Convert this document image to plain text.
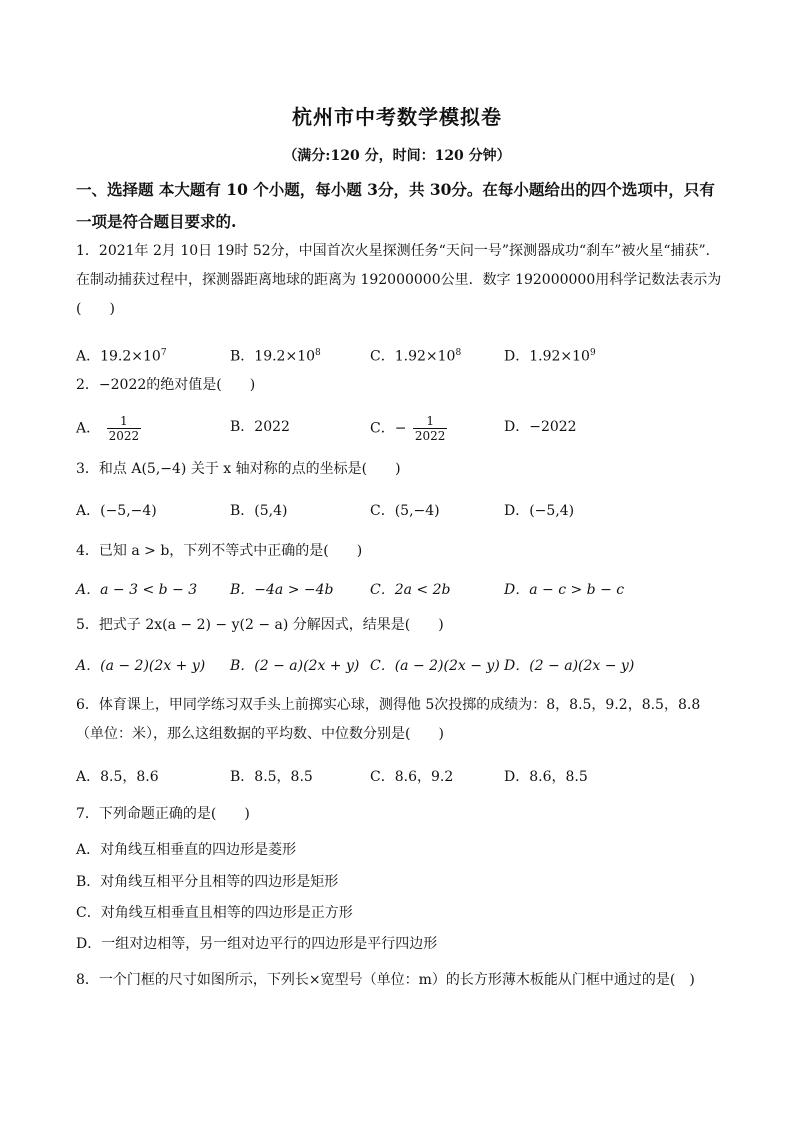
杭州市中考数学模拟卷
（满分:120 分，时间：120 分钟）
一、选择题 本大题有 10 个小题，每小题 3分，共 30分。在每小题给出的四个选项中，只有一项是符合题目要求的.
1．2021年 2月 10日 19时 52分，中国首次火星探测任务“天问一号”探测器成功“刹车”被火星“捕获”．在制动捕获过程中，探测器距离地球的距离为 192000000公里．数字 192000000用科学记数法表示为(　　)
A．$19.2\times 10^7$	B．$19.2\times 10^8$	C．$1.92\times 10^8$	D．$1.92\times 10^9$
2．−2022的绝对值是(　　)
A． $\frac{1}{2022}$	B．2022	C．− $\frac{1}{2022}$	D．−2022
3．和点 A(5,−4) 关于 x 轴对称的点的坐标是(　　)
A．(−5,−4)	B．(5,4)	C．(5,−4)	D．(−5,4)
4．已知 a > b，下列不等式中正确的是(　　)
A．a − 3 < b − 3 B．−4a > −4b	C．2a < 2b	D．a − c > b − c
5．把式子 2x(a − 2) − y(2 − a) 分解因式，结果是(　　)
A．(a − 2)(2x + y) B．(2 − a)(2x + y) C．(a − 2)(2x − y) D．(2 − a)(2x − y)
6．体育课上，甲同学练习双手头上前掷实心球，测得他 5次投掷的成绩为：8，8.5，9.2，8.5，8.8（单位：米），那么这组数据的平均数、中位数分别是(　　)
A．8.5，8.6	B．8.5，8.5	C．8.6，9.2	D．8.6，8.5
7．下列命题正确的是(　　)
A．对角线互相垂直的四边形是菱形
B．对角线互相平分且相等的四边形是矩形
C．对角线互相垂直且相等的四边形是正方形
D．一组对边相等，另一组对边平行的四边形是平行四边形
8．一个门框的尺寸如图所示，下列长×宽型号（单位：m）的长方形薄木板能从门框中通过的是(　)
